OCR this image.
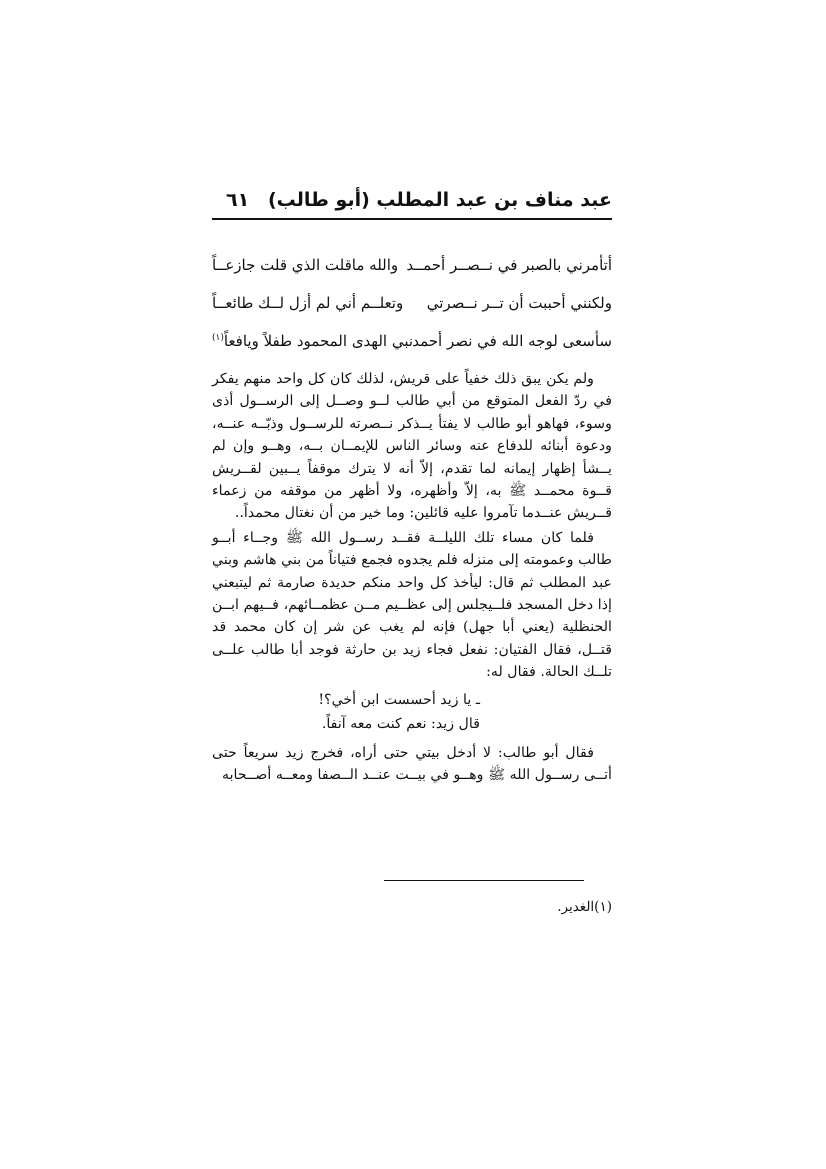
عبد مناف بن عبد المطلب (أبو طالب)
٦١
أتأمرني بالصبر في نــصــر أحمــد
والله ماقلت الذي قلت جازعــاً
ولكنني أحببت أن تــر نــصرتي
وتعلــم أني لم أزل لــك طائعــاً
سأسعى لوجه الله في نصر أحمد
نبي الهدى المحمود طفلاً ويافعاً$^{(١)}$

ولم يكن يبق ذلك خفياً على قريش، لذلك كان كل واحد منهم يفكر في ردّ الفعل المتوقع من أبي طالب لــو وصــل إلى الرســول أذى وسوء، فهاهو أبو طالب لا يفتأ يــذكر نــصرته للرســول وذبّــه عنــه، ودعوة أبنائه للدفاع عنه وسائر الناس للإيمــان بــه، وهــو وإن لم يــشأ إظهار إيمانه لما تقدم، إلاّ أنه لا يترك موقفاً يــبين لقــريش قــوة محمــد ﷺ به، إلاّ وأظهره، ولا أظهر من موقفه من زعماء قــريش عنــدما تآمروا عليه قائلين: وما خير من أن نغتال محمداً..

فلما كان مساء تلك الليلــة فقــد رســول الله ﷺ وجــاء أبــو طالب وعمومته إلى منزله فلم يجدوه فجمع فتياناً من بني هاشم وبني عبد المطلب ثم قال: ليأخذ كل واحد منكم حديدة صارمة ثم ليتبعني إذا دخل المسجد فلــيجلس إلى عظــيم مــن عظمــائهم، فــيهم ابــن الحنظلية (يعني أبا جهل) فإنه لم يغب عن شر إن كان محمد قد قتــل، فقال الفتيان: نفعل فجاء زيد بن حارثة فوجد أبا طالب علــى تلــك الحالة. فقال له:

ـ يا زيد أحسست ابن أخي؟!
قال زيد: نعم كنت معه آنفاً.

فقال أبو طالب: لا أدخل بيتي حتى أراه، فخرج زيد سريعاً حتى أتــى رســول الله ﷺ وهــو في بيــت عنــد الــصفا ومعــه أصــحابه

(١)الغدير.
